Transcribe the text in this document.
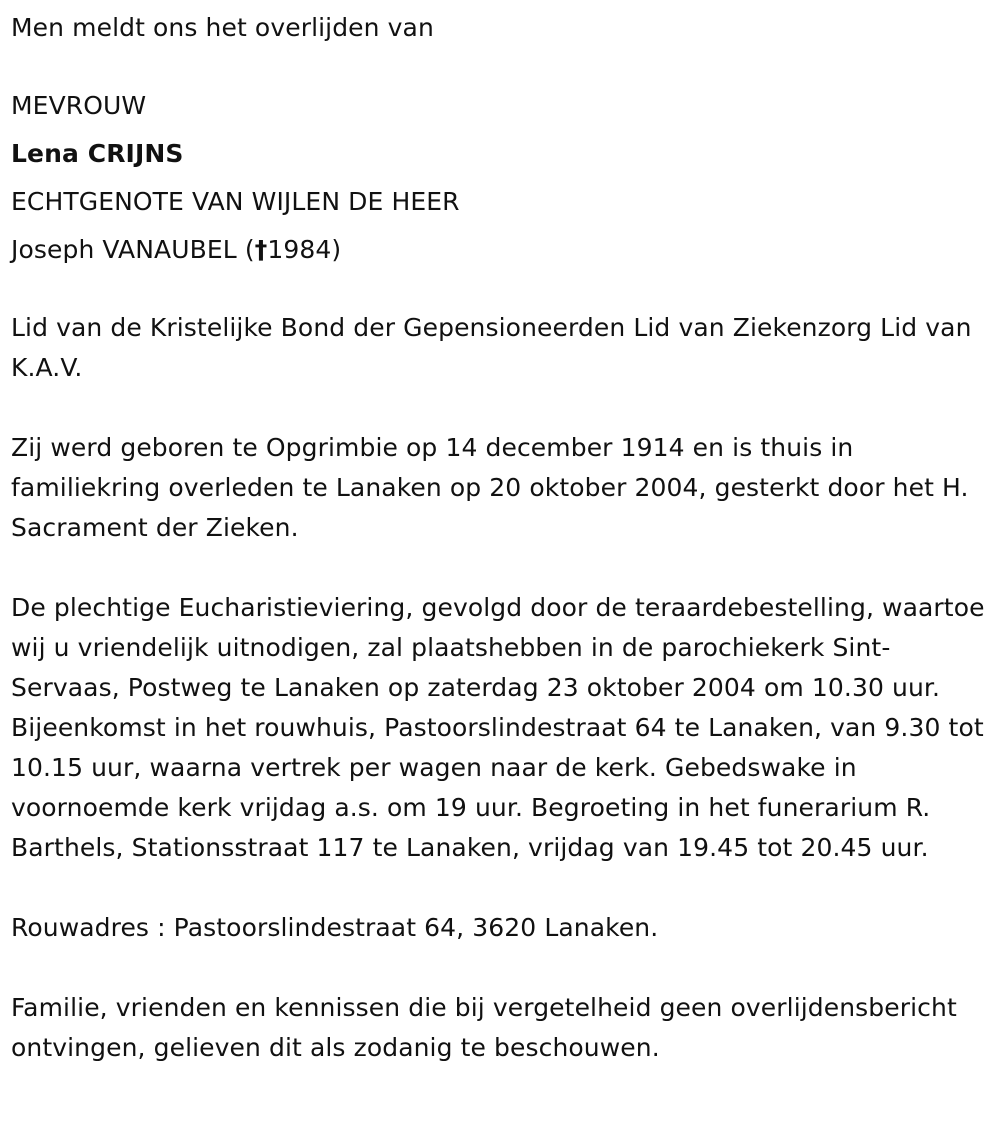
Men meldt ons het overlijden van

MEVROUW

Lena CRIJNS

ECHTGENOTE VAN WIJLEN DE HEER

Joseph VANAUBEL (†1984)

Lid van de Kristelijke Bond der Gepensioneerden Lid van Ziekenzorg Lid van K.A.V.

Zij werd geboren te Opgrimbie op 14 december 1914 en is thuis in familiekring overleden te Lanaken op 20 oktober 2004, gesterkt door het H. Sacrament der Zieken.

De plechtige Eucharistieviering, gevolgd door de teraardebestelling, waartoe wij u vriendelijk uitnodigen, zal plaatshebben in de parochiekerk Sint-Servaas, Postweg te Lanaken op zaterdag 23 oktober 2004 om 10.30 uur. Bijeenkomst in het rouwhuis, Pastoorslindestraat 64 te Lanaken, van 9.30 tot 10.15 uur, waarna vertrek per wagen naar de kerk. Gebedswake in voornoemde kerk vrijdag a.s. om 19 uur. Begroeting in het funerarium R. Barthels, Stationsstraat 117 te Lanaken, vrijdag van 19.45 tot 20.45 uur.

Rouwadres : Pastoorslindestraat 64, 3620 Lanaken.

Familie, vrienden en kennissen die bij vergetelheid geen overlijdensbericht ontvingen, gelieven dit als zodanig te beschouwen.
